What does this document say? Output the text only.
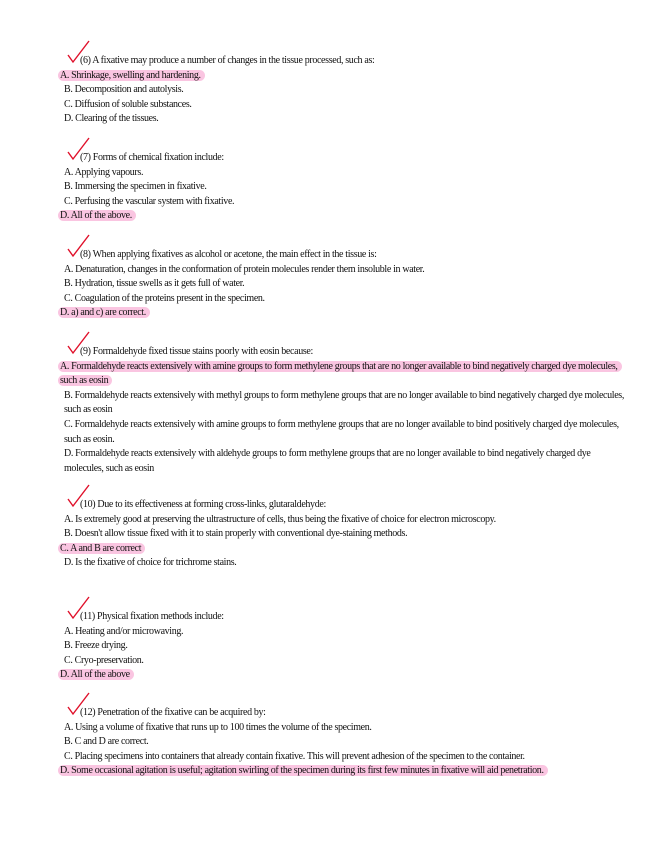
(6) A fixative may produce a number of changes in the tissue processed, such as:
A. Shrinkage, swelling and hardening.
B. Decomposition and autolysis.
C. Diffusion of soluble substances.
D. Clearing of the tissues.
(7) Forms of chemical fixation include:
A. Applying vapours.
B. Immersing the specimen in fixative.
C. Perfusing the vascular system with fixative.
D. All of the above.
(8) When applying fixatives as alcohol or acetone, the main effect in the tissue is:
A. Denaturation, changes in the conformation of protein molecules render them insoluble in water.
B. Hydration, tissue swells as it gets full of water.
C. Coagulation of the proteins present in the specimen.
D. a) and c) are correct.
(9) Formaldehyde fixed tissue stains poorly with eosin because:
A. Formaldehyde reacts extensively with amine groups to form methylene groups that are no longer available to bind negatively charged dye molecules, such as eosin
B. Formaldehyde reacts extensively with methyl groups to form methylene groups that are no longer available to bind negatively charged dye molecules, such as eosin
C. Formaldehyde reacts extensively with amine groups to form methylene groups that are no longer available to bind positively charged dye molecules, such as eosin.
D. Formaldehyde reacts extensively with aldehyde groups to form methylene groups that are no longer available to bind negatively charged dye molecules, such as eosin
(10) Due to its effectiveness at forming cross-links, glutaraldehyde:
A. Is extremely good at preserving the ultrastructure of cells, thus being the fixative of choice for electron microscopy.
B. Doesn't allow tissue fixed with it to stain properly with conventional dye-staining methods.
C. A and B are correct
D. Is the fixative of choice for trichrome stains.
(11) Physical fixation methods include:
A. Heating and/or microwaving.
B. Freeze drying.
C. Cryo-preservation.
D. All of the above
(12) Penetration of the fixative can be acquired by:
A. Using a volume of fixative that runs up to 100 times the volume of the specimen.
B. C and D are correct.
C. Placing specimens into containers that already contain fixative. This will prevent adhesion of the specimen to the container.
D. Some occasional agitation is useful; agitation swirling of the specimen during its first few minutes in fixative will aid penetration.
